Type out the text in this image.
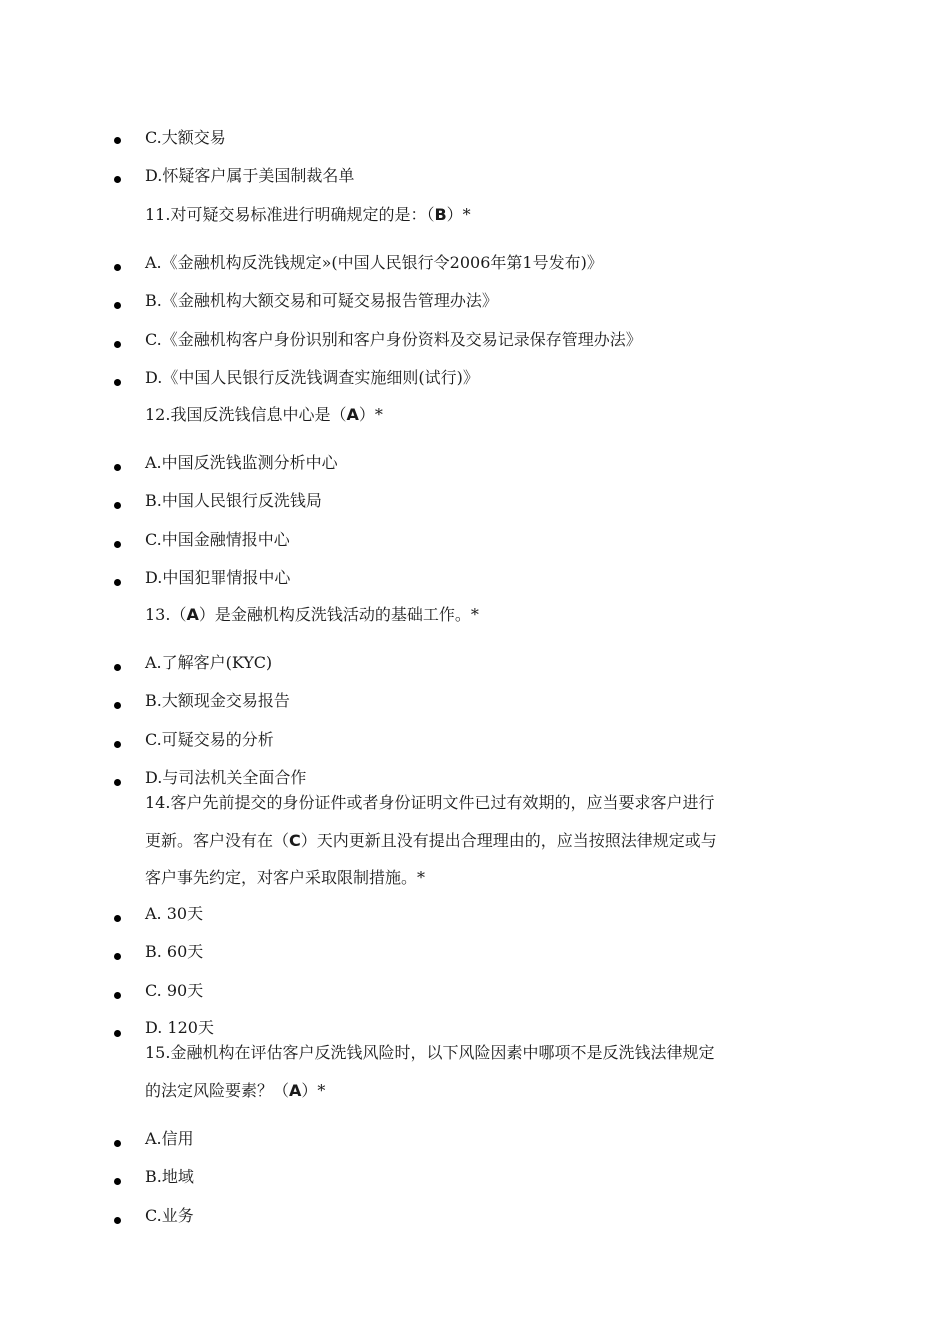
C.大额交易
D.怀疑客户属于美国制裁名单
11.对可疑交易标准进行明确规定的是：（B）*
A.《金融机构反洗钱规定»(中国人民银行令2006年第1号发布)》
B.《金融机构大额交易和可疑交易报告管理办法》
C.《金融机构客户身份识别和客户身份资料及交易记录保存管理办法》
D.《中国人民银行反洗钱调查实施细则(试行)》
12.我国反洗钱信息中心是（A）*
A.中国反洗钱监测分析中心
B.中国人民银行反洗钱局
C.中国金融情报中心
D.中国犯罪情报中心
13.（A）是金融机构反洗钱活动的基础工作。*
A.了解客户(KYC)
B.大额现金交易报告
C.可疑交易的分析
D.与司法机关全面合作
14.客户先前提交的身份证件或者身份证明文件已过有效期的，应当要求客户进行
更新。客户没有在（C）天内更新且没有提出合理理由的，应当按照法律规定或与
客户事先约定，对客户采取限制措施。*
A. 30天
B. 60天
C. 90天
D. 120天
15.金融机构在评估客户反洗钱风险时，以下风险因素中哪项不是反洗钱法律规定
的法定风险要素？（A）*
A.信用
B.地域
C.业务
